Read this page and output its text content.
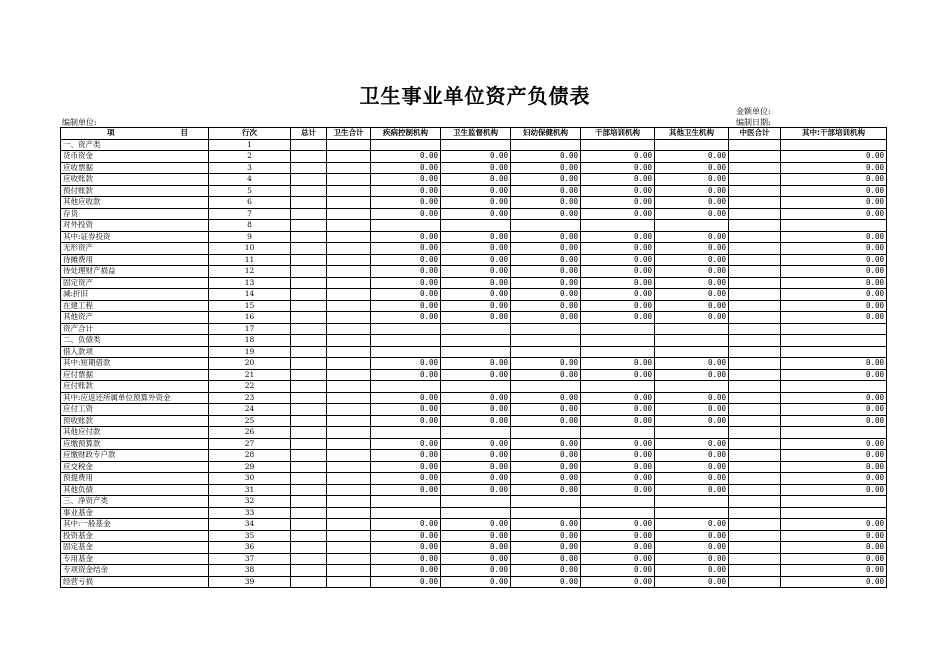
卫生事业单位资产负债表
金额单位:
编制日期:
编制单位:
项 目	行次	总计	卫生合计	疾病控制机构	卫生监督机构	妇幼保健机构	干部培训机构	其他卫生机构	中医合计	其中:干部培训机构
一、资产类	1									
货币资金	2			0.00	0.00	0.00	0.00	0.00		0.00
应收票据	3			0.00	0.00	0.00	0.00	0.00		0.00
应收账款	4			0.00	0.00	0.00	0.00	0.00		0.00
预付账款	5			0.00	0.00	0.00	0.00	0.00		0.00
其他应收款	6			0.00	0.00	0.00	0.00	0.00		0.00
存货	7			0.00	0.00	0.00	0.00	0.00		0.00
对外投资	8									
其中:证券投资	9			0.00	0.00	0.00	0.00	0.00		0.00
无形资产	10			0.00	0.00	0.00	0.00	0.00		0.00
待摊费用	11			0.00	0.00	0.00	0.00	0.00		0.00
待处理财产损益	12			0.00	0.00	0.00	0.00	0.00		0.00
固定资产	13			0.00	0.00	0.00	0.00	0.00		0.00
减:折旧	14			0.00	0.00	0.00	0.00	0.00		0.00
在建工程	15			0.00	0.00	0.00	0.00	0.00		0.00
其他资产	16			0.00	0.00	0.00	0.00	0.00		0.00
资产合计	17									
二、负债类	18									
借入款项	19									
其中:短期借款	20			0.00	0.00	0.00	0.00	0.00		0.00
应付票据	21			0.00	0.00	0.00	0.00	0.00		0.00
应付账款	22									
其中:应返还所属单位预算外资金	23			0.00	0.00	0.00	0.00	0.00		0.00
应付工资	24			0.00	0.00	0.00	0.00	0.00		0.00
预收账款	25			0.00	0.00	0.00	0.00	0.00		0.00
其他应付款	26									
应缴预算款	27			0.00	0.00	0.00	0.00	0.00		0.00
应缴财政专户款	28			0.00	0.00	0.00	0.00	0.00		0.00
应交税金	29			0.00	0.00	0.00	0.00	0.00		0.00
预提费用	30			0.00	0.00	0.00	0.00	0.00		0.00
其他负债	31			0.00	0.00	0.00	0.00	0.00		0.00
三、净资产类	32									
事业基金	33									
其中:一般基金	34			0.00	0.00	0.00	0.00	0.00		0.00
投资基金	35			0.00	0.00	0.00	0.00	0.00		0.00
固定基金	36			0.00	0.00	0.00	0.00	0.00		0.00
专用基金	37			0.00	0.00	0.00	0.00	0.00		0.00
专项资金结余	38			0.00	0.00	0.00	0.00	0.00		0.00
经营亏损	39			0.00	0.00	0.00	0.00	0.00		0.00
